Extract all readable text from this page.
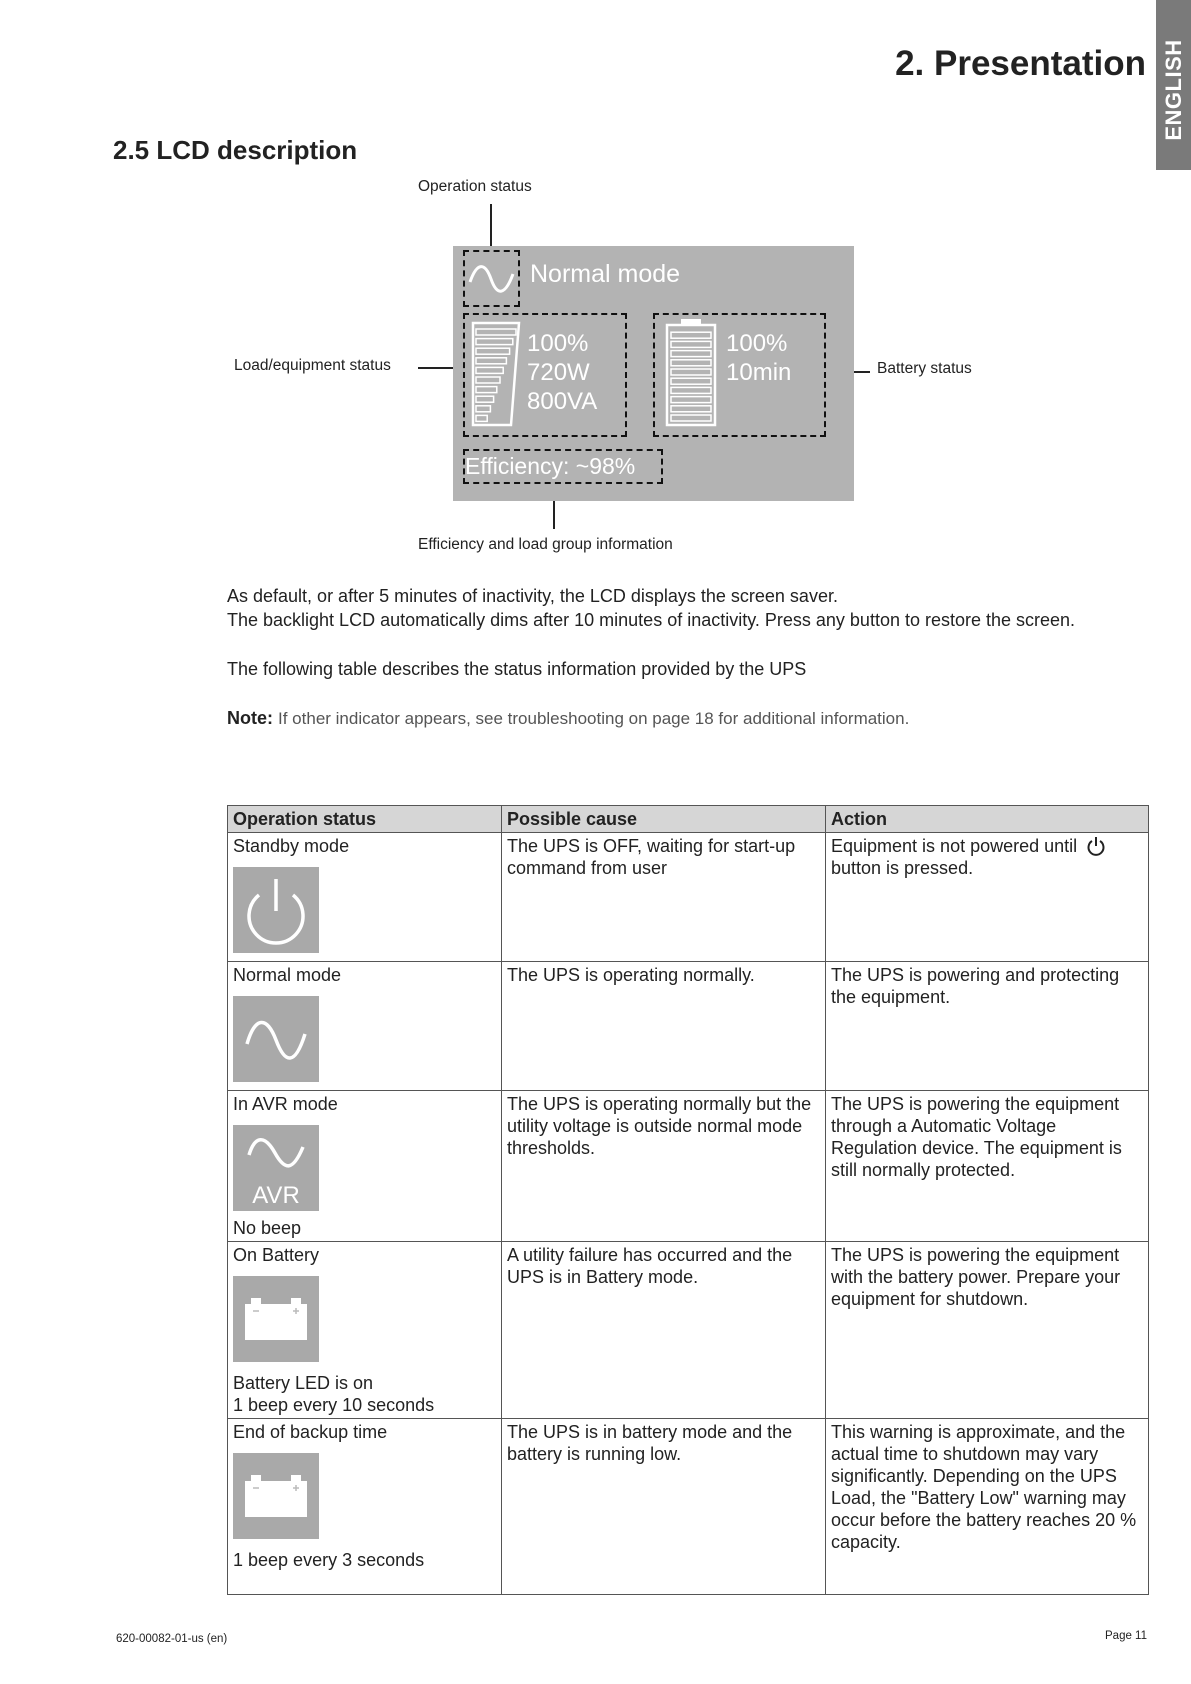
ENGLISH
2. Presentation
2.5 LCD description
Operation status
Load/equipment status	Battery status
Efficiency and load group information
Normal mode
100%
720W
800VA
100%
10min
Efficiency: ~98%

As default, or after 5 minutes of inactivity, the LCD displays the screen saver.
The backlight LCD automatically dims after 10 minutes of inactivity. Press any button to restore the screen.

The following table describes the status information provided by the UPS

Note: If other indicator appears, see troubleshooting on page 18 for additional information.

Operation status	Possible cause	Action

Standby mode	The UPS is OFF, waiting for start-up command from user	Equipment is not powered until  button is pressed.

Normal mode	The UPS is operating normally.	The UPS is powering and protecting the equipment.

In AVR mode
AVR
No beep	The UPS is operating normally but the utility voltage is outside normal mode thresholds.	The UPS is powering the equipment through a Automatic Voltage Regulation device. The equipment is still normally protected.

On Battery
Battery LED is on
1 beep every 10 seconds	A utility failure has occurred and the UPS is in Battery mode.	The UPS is powering the equipment with the battery power. Prepare your equipment for shutdown.

End of backup time
1 beep every 3 seconds	The UPS is in battery mode and the battery is running low.	This warning is approximate, and the actual time to shutdown may vary significantly. Depending on the UPS Load, the "Battery Low" warning may occur before the battery reaches 20 % capacity.
620-00082-01-us (en)	Page 11
